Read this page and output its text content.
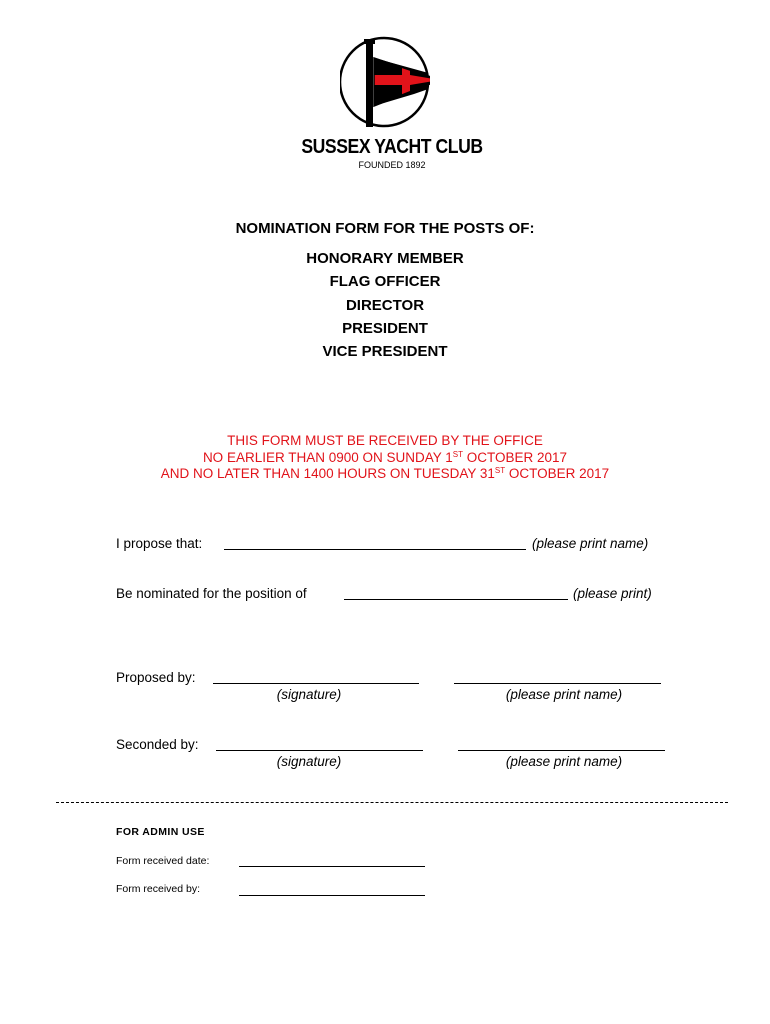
SUSSEX YACHT CLUB
FOUNDED 1892
NOMINATION FORM FOR THE POSTS OF:
HONORARY MEMBER
FLAG OFFICER
DIRECTOR
PRESIDENT
VICE PRESIDENT
THIS FORM MUST BE RECEIVED BY THE OFFICE
NO EARLIER THAN 0900 ON SUNDAY 1ST OCTOBER 2017
AND NO LATER THAN 1400 HOURS ON TUESDAY 31ST OCTOBER 2017
I propose that:	(please print name)
Be nominated for the position of	(please print)
Proposed by:
(signature)	(please print name)
Seconded by:
(signature)	(please print name)
FOR ADMIN USE
Form received date:
Form received by:
